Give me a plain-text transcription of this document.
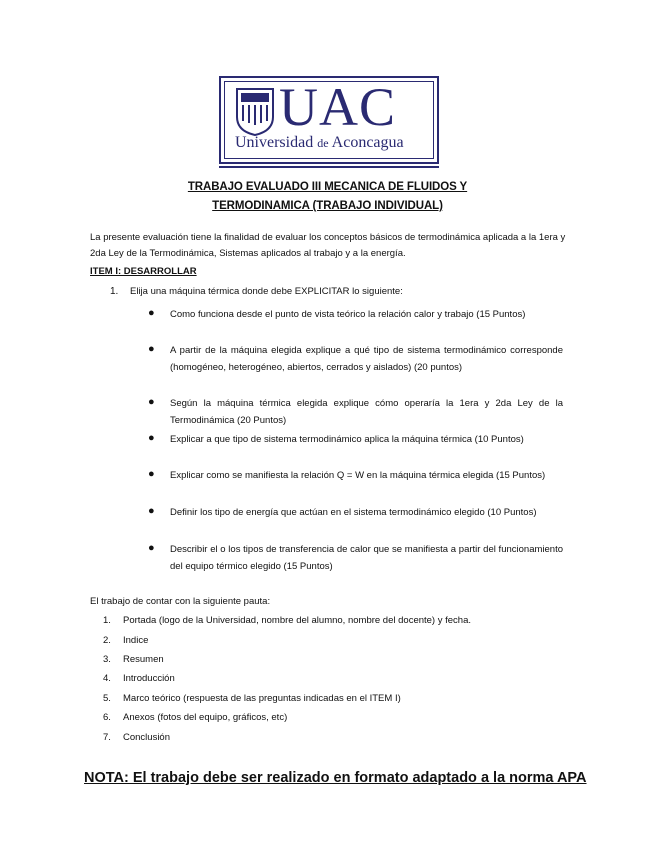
UAC
Universidad de Aconcagua
TRABAJO EVALUADO III MECANICA DE FLUIDOS Y
TERMODINAMICA (TRABAJO INDIVIDUAL)
La presente evaluación tiene la finalidad de evaluar los conceptos básicos de termodinámica aplicada a la 1era y 2da Ley de la Termodinámica, Sistemas aplicados al trabajo y a la energía.
ITEM I: DESARROLLAR
1. Elija una máquina térmica donde debe EXPLICITAR lo siguiente:
● Como funciona desde el punto de vista teórico la relación calor y trabajo (15 Puntos)
● A partir de la máquina elegida explique a qué tipo de sistema termodinámico corresponde (homogéneo, heterogéneo, abiertos, cerrados y aislados) (20 puntos)
● Según la máquina térmica elegida explique cómo operaría la 1era y 2da Ley de la Termodinámica (20 Puntos)
● Explicar a que tipo de sistema termodinámico aplica la máquina térmica (10 Puntos)
● Explicar como se manifiesta la relación Q = W en la máquina térmica elegida (15 Puntos)
● Definir los tipo de energía que actúan en el sistema termodinámico elegido (10 Puntos)
● Describir el o los tipos de transferencia de calor que se manifiesta a partir del funcionamiento del equipo térmico elegido (15 Puntos)
El trabajo de contar con la siguiente pauta:
1. Portada (logo de la Universidad, nombre del alumno, nombre del docente) y fecha.
2. Indice
3. Resumen
4. Introducción
5. Marco teórico (respuesta de las preguntas indicadas en el ITEM I)
6. Anexos (fotos del equipo, gráficos, etc)
7. Conclusión
NOTA: El trabajo debe ser realizado en formato adaptado a la norma APA
